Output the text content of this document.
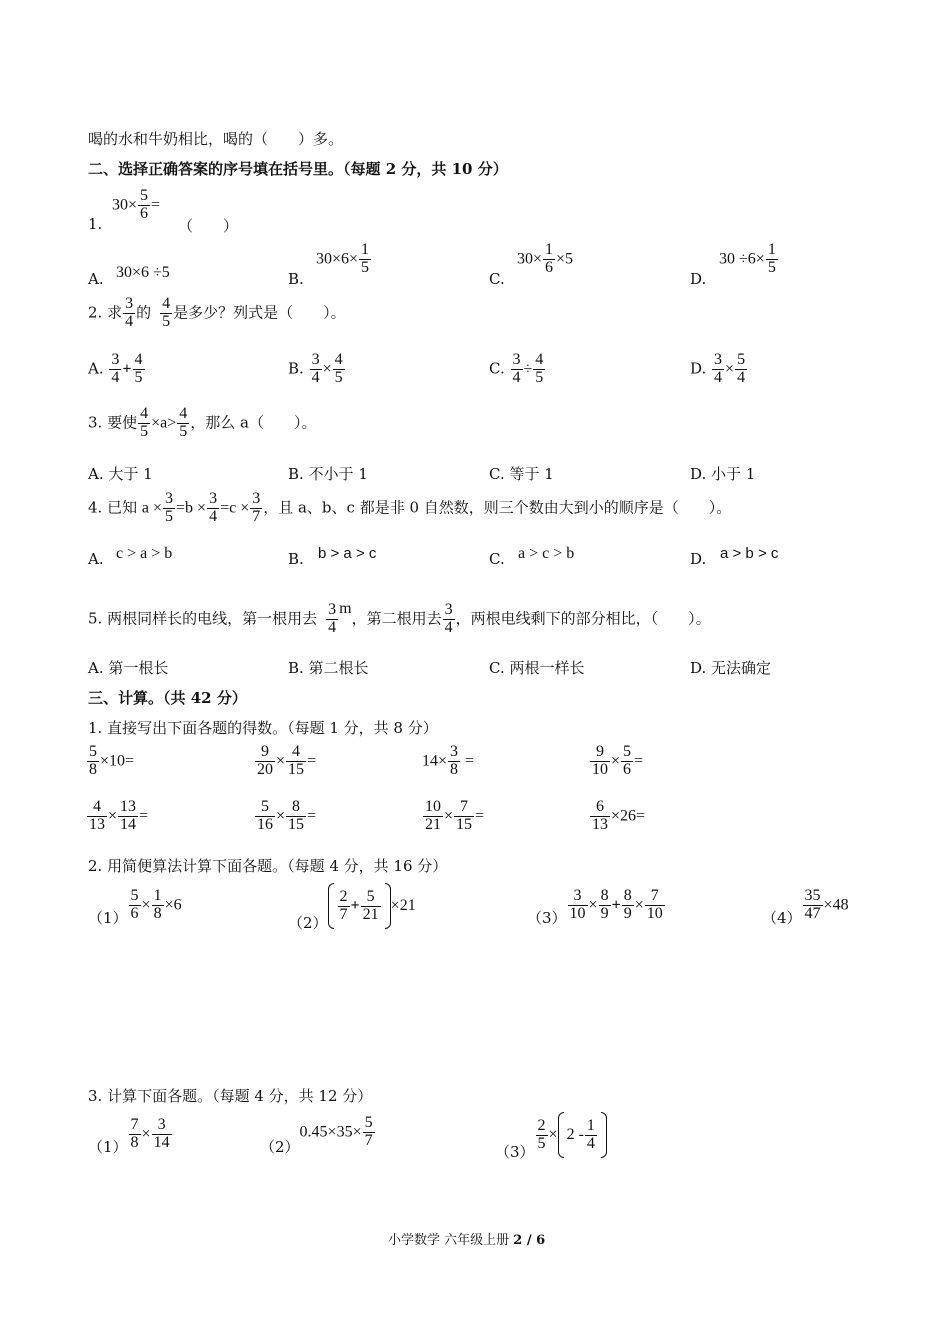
喝的水和牛奶相比，喝的（　　）多。
二、选择正确答案的序号填在括号里。（每题 2 分，共 10 分）
$30\times \frac{5}{6}$ =
1.	（　　）
A. 30×6 ÷5	B.
$30\times 6\times \frac{1}{5}$
C.
$30\times \frac{1}{6} \times 5$
D.
$30 \div 6\times \frac{1}{5}$
2. 求 $\frac{3}{4}$ 的 $\frac{4}{5}$ 是多少？列式是（　　）。
A. $\frac{3}{4} + \frac{4}{5}$	B. $\frac{3}{4} \times \frac{4}{5}$	C. $\frac{3}{4} \div \frac{4}{5}$	D. $\frac{3}{4} \times \frac{5}{4}$
3. 要使 $\frac{4}{5} \times a> \frac{4}{5}$ ，那么 a（　　）。
A. 大于 1	B. 不小于 1	C. 等于 1	D. 小于 1
4. 已知 $a \times \frac{3}{5} =b \times \frac{3}{4} =c \times \frac{3}{7}$ ，且 a、b、c 都是非 0 自然数，则三个数由大到小的顺序是（　　）。
A. c > a > b	B. b > a > c	C. a > c > b	D. a > b > c
5. 两根同样长的电线，第一根用去 $\frac{3}{4}$ m，第二根用去 $\frac{3}{4}$ ，两根电线剩下的部分相比，（　　）。
A. 第一根长	B. 第二根长	C. 两根一样长	D. 无法确定
三、计算。（共 42 分）
1. 直接写出下面各题的得数。（每题 1 分，共 8 分）
$\frac{5}{8} \times 10=$	$\frac{9}{20} \times \frac{4}{15}$ =	$14\times \frac{3}{8}$ =	$\frac{9}{10} \times \frac{5}{6}$ =
$\frac{4}{13} \times \frac{13}{14}$ =	$\frac{5}{16} \times \frac{8}{15}$ =	$\frac{10}{21} \times \frac{7}{15}$ =	$\frac{6}{13} \times 26=$
2. 用简便算法计算下面各题。（每题 4 分，共 16 分）
$(1) \frac{5}{6} \times \frac{1}{8} \times 6$
$(2) \frac{2}{7} + \frac{5}{21} \times 21$
$(3) \frac{3}{10} \times \frac{8}{9} + \frac{8}{9} \times \frac{7}{10}$	$(4) \frac{35}{47} \times 48$
3. 计算下面各题。（每题 4 分，共 12 分）
$(1) \frac{7}{8} \times \frac{3}{14}$	$(2)0.45\times 35\times \frac{5}{7}$
$(3) \frac{2}{5} \times 2 - \frac{1}{4}$
小学数学 六年级上册 2 / 6
